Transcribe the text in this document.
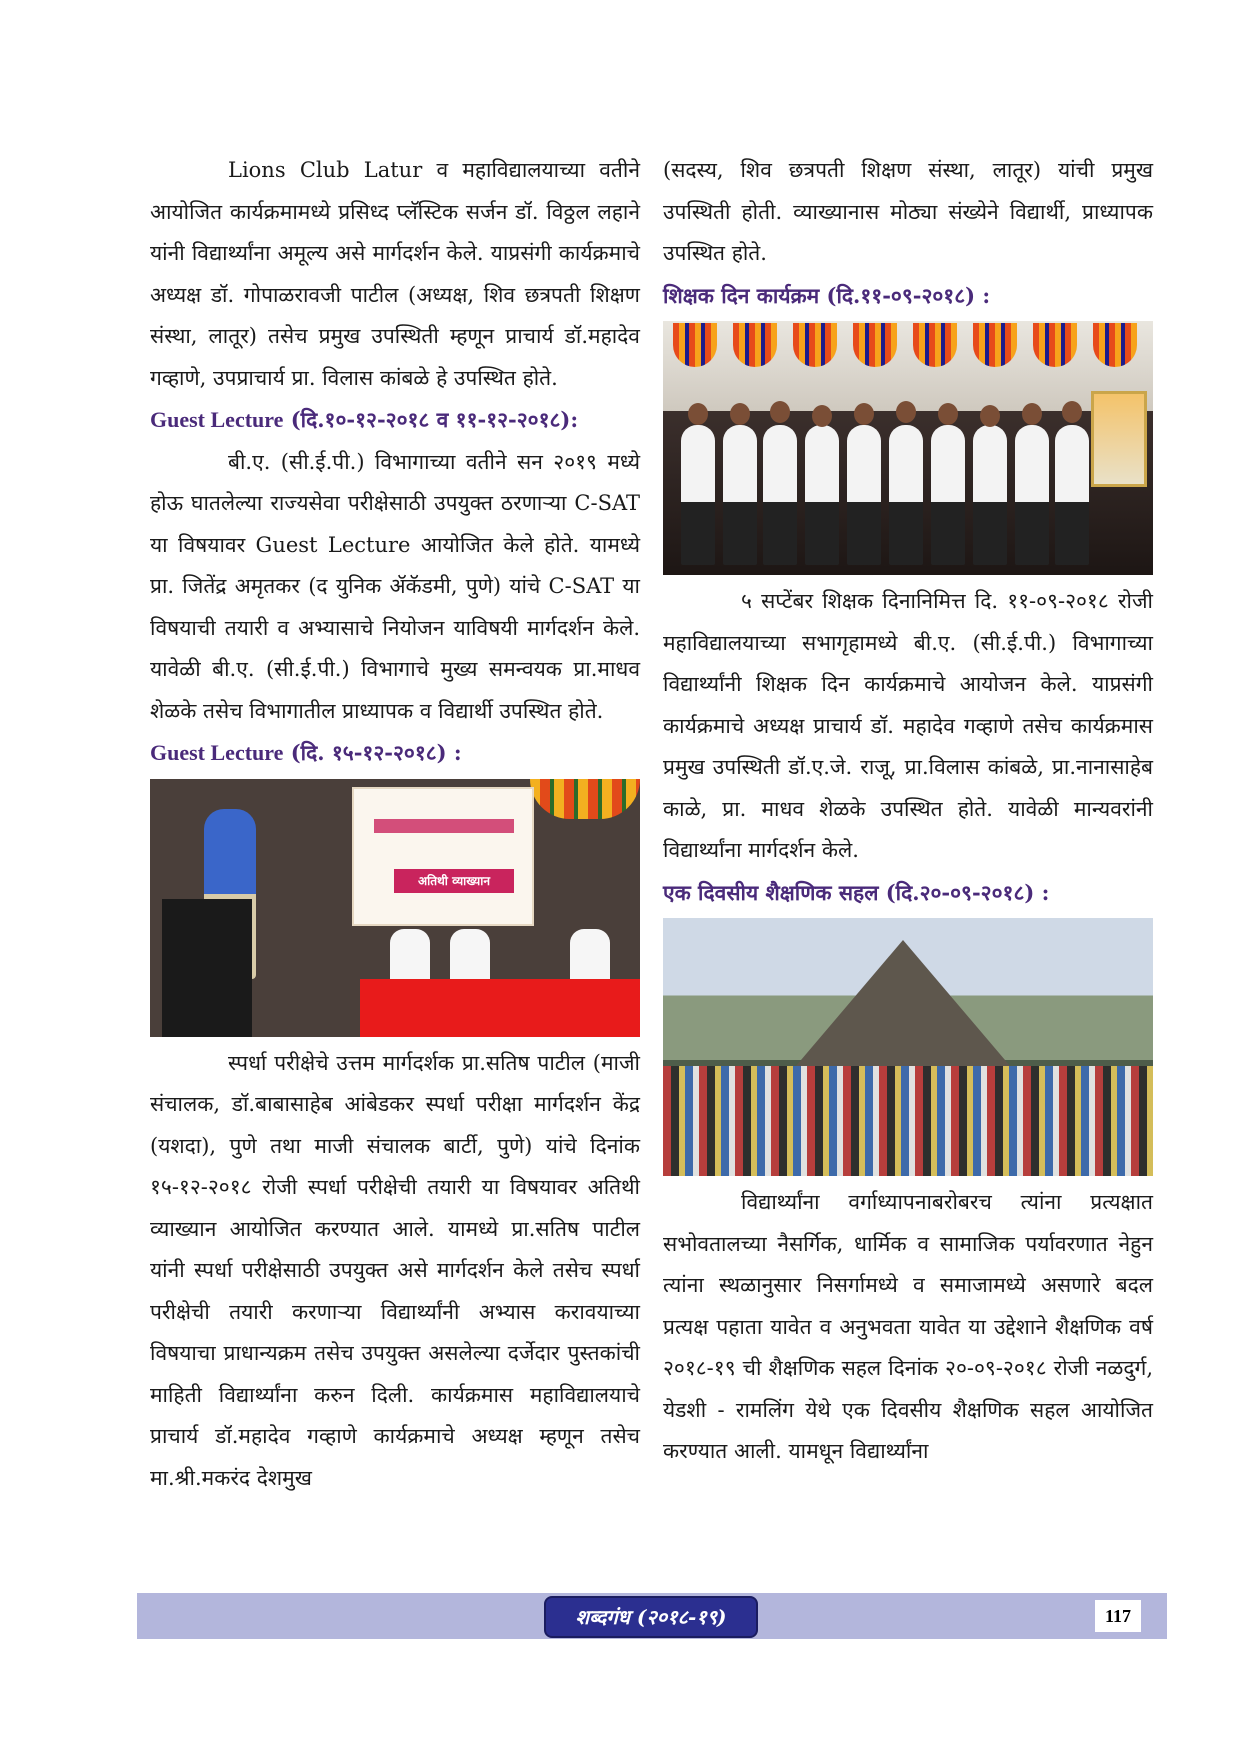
Lions Club Latur व महाविद्यालयाच्या वतीने आयोजित कार्यक्रमामध्ये प्रसिध्द प्लॅस्टिक सर्जन डॉ. विठ्ठल लहाने यांनी विद्यार्थ्यांना अमूल्य असे मार्गदर्शन केले. याप्रसंगी कार्यक्रमाचे अध्यक्ष डॉ. गोपाळरावजी पाटील (अध्यक्ष, शिव छत्रपती शिक्षण संस्था, लातूर) तसेच प्रमुख उपस्थिती म्हणून प्राचार्य डॉ.महादेव गव्हाणे, उपप्राचार्य प्रा. विलास कांबळे हे उपस्थित होते.

Guest Lecture (दि.१०-१२-२०१८ व ११-१२-२०१८):

बी.ए. (सी.ई.पी.) विभागाच्या वतीने सन २०१९ मध्ये होऊ घातलेल्या राज्यसेवा परीक्षेसाठी उपयुक्त ठरणाऱ्या C-SAT या विषयावर Guest Lecture आयोजित केले होते. यामध्ये प्रा. जितेंद्र अमृतकर (द युनिक ॲकॅडमी, पुणे) यांचे C-SAT या विषयाची तयारी व अभ्यासाचे नियोजन याविषयी मार्गदर्शन केले. यावेळी बी.ए. (सी.ई.पी.) विभागाचे मुख्य समन्वयक प्रा.माधव शेळके तसेच विभागातील प्राध्यापक व विद्यार्थी उपस्थित होते.

Guest Lecture (दि. १५-१२-२०१८) :
अतिथी व्याख्यान

स्पर्धा परीक्षेचे उत्तम मार्गदर्शक प्रा.सतिष पाटील (माजी संचालक, डॉ.बाबासाहेब आंबेडकर स्पर्धा परीक्षा मार्गदर्शन केंद्र (यशदा), पुणे तथा माजी संचालक बार्टी, पुणे) यांचे दिनांक १५-१२-२०१८ रोजी स्पर्धा परीक्षेची तयारी या विषयावर अतिथी व्याख्यान आयोजित करण्यात आले. यामध्ये प्रा.सतिष पाटील यांनी स्पर्धा परीक्षेसाठी उपयुक्त असे मार्गदर्शन केले तसेच स्पर्धा परीक्षेची तयारी करणाऱ्या विद्यार्थ्यांनी अभ्यास करावयाच्या विषयाचा प्राधान्यक्रम तसेच उपयुक्त असलेल्या दर्जेदार पुस्तकांची माहिती विद्यार्थ्यांना करुन दिली. कार्यक्रमास महाविद्यालयाचे प्राचार्य डॉ.महादेव गव्हाणे कार्यक्रमाचे अध्यक्ष म्हणून तसेच मा.श्री.मकरंद देशमुख

(सदस्य, शिव छत्रपती शिक्षण संस्था, लातूर) यांची प्रमुख उपस्थिती होती. व्याख्यानास मोठ्या संख्येने विद्यार्थी, प्राध्यापक उपस्थित होते.

शिक्षक दिन कार्यक्रम (दि.११-०९-२०१८) :

५ सप्टेंबर शिक्षक दिनानिमित्त दि. ११-०९-२०१८ रोजी महाविद्यालयाच्या सभागृहामध्ये बी.ए. (सी.ई.पी.) विभागाच्या विद्यार्थ्यांनी शिक्षक दिन कार्यक्रमाचे आयोजन केले. याप्रसंगी कार्यक्रमाचे अध्यक्ष प्राचार्य डॉ. महादेव गव्हाणे तसेच कार्यक्रमास प्रमुख उपस्थिती डॉ.ए.जे. राजू, प्रा.विलास कांबळे, प्रा.नानासाहेब काळे, प्रा. माधव शेळके उपस्थित होते. यावेळी मान्यवरांनी विद्यार्थ्यांना मार्गदर्शन केले.

एक दिवसीय शैक्षणिक सहल (दि.२०-०९-२०१८) :

विद्यार्थ्यांना वर्गाध्यापनाबरोबरच त्यांना प्रत्यक्षात सभोवतालच्या नैसर्गिक, धार्मिक व सामाजिक पर्यावरणात नेहुन त्यांना स्थळानुसार निसर्गामध्ये व समाजामध्ये असणारे बदल प्रत्यक्ष पहाता यावेत व अनुभवता यावेत या उद्देशाने शैक्षणिक वर्ष २०१८-१९ ची शैक्षणिक सहल दिनांक २०-०९-२०१८ रोजी नळदुर्ग, येडशी - रामलिंग येथे एक दिवसीय शैक्षणिक सहल आयोजित करण्यात आली. यामधून विद्यार्थ्यांना

शब्दगंध (२०१८-१९)	117
